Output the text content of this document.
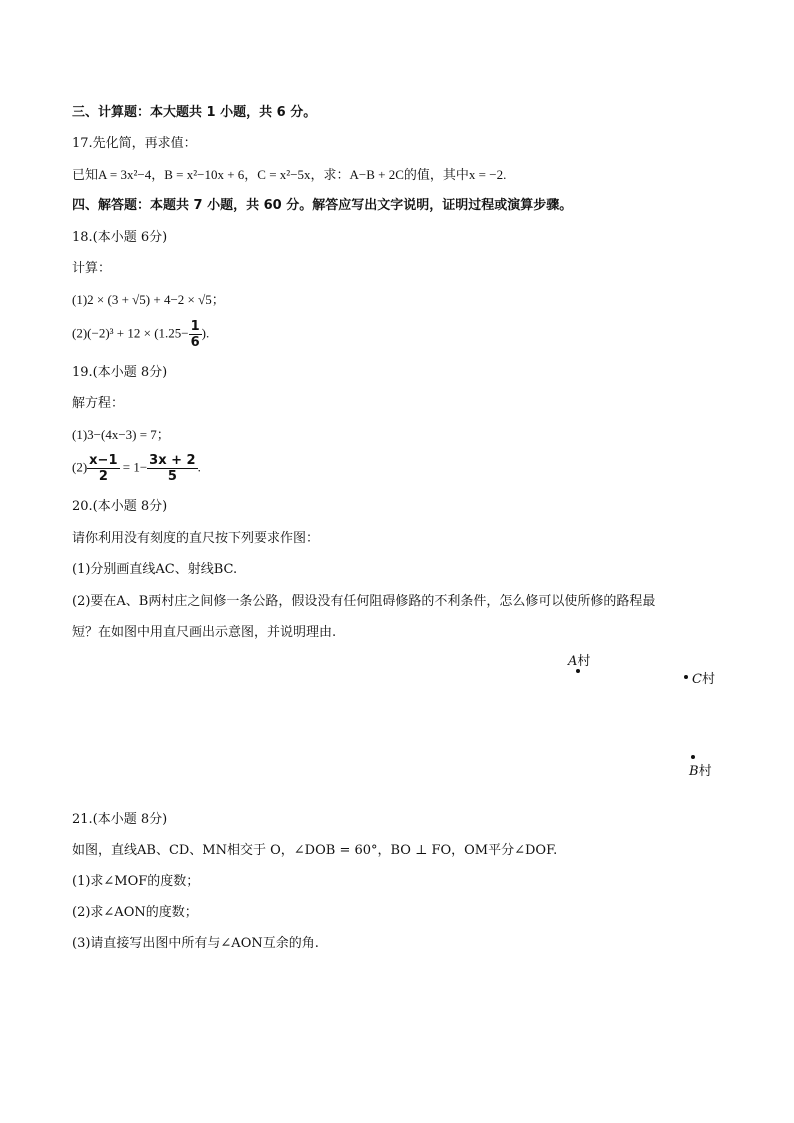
三、计算题：本大题共 1 小题，共 6 分。
17.先化简，再求值：
已知A = 3x²−4，B = x²−10x + 6，C = x²−5x，求：A−B + 2C的值，其中x = −2.
四、解答题：本题共 7 小题，共 60 分。解答应写出文字说明，证明过程或演算步骤。
18.(本小题 6分)
计算：
(1)2 × (3 + √5) + 4−2 × √5；
$(2)(-2)^3 + 12 \times (1.25- \frac{1}{6}$ ).
19.(本小题 8分)
解方程：
(1)3−(4x−3) = 7；
$(2) \frac{x-1}{2} = 1- \frac{3x + 2}{5}$ .
20.(本小题 8分)
请你利用没有刻度的直尺按下列要求作图：
(1)分别画直线AC、射线BC.
(2)要在A、B两村庄之间修一条公路，假设没有任何阻碍修路的不利条件，怎么修可以使所修的路程最
短？在如图中用直尺画出示意图，并说明理由.
A村
C村
B村
21.(本小题 8分)
如图，直线AB、CD、MN相交于 O，∠DOB = 60°，BO ⊥ FO，OM平分∠DOF.
(1)求∠MOF的度数；
(2)求∠AON的度数；
(3)请直接写出图中所有与∠AON互余的角.
